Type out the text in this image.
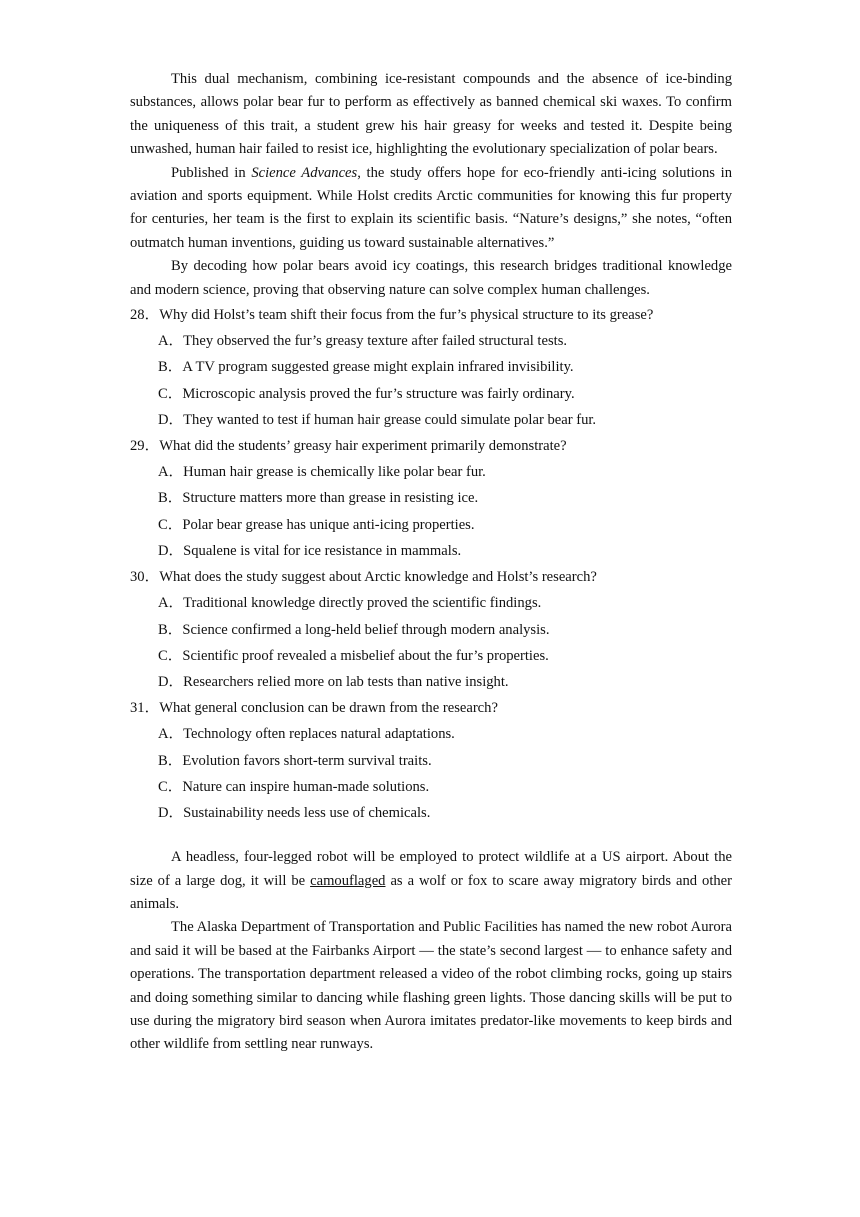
This dual mechanism, combining ice-resistant compounds and the absence of ice-binding substances, allows polar bear fur to perform as effectively as banned chemical ski waxes. To confirm the uniqueness of this trait, a student grew his hair greasy for weeks and tested it. Despite being unwashed, human hair failed to resist ice, highlighting the evolutionary specialization of polar bears.

Published in Science Advances, the study offers hope for eco-friendly anti-icing solutions in aviation and sports equipment. While Holst credits Arctic communities for knowing this fur property for centuries, her team is the first to explain its scientific basis. “Nature’s designs,” she notes, “often outmatch human inventions, guiding us toward sustainable alternatives.”

By decoding how polar bears avoid icy coatings, this research bridges traditional knowledge and modern science, proving that observing nature can solve complex human challenges.

28．Why did Holst’s team shift their focus from the fur’s physical structure to its grease?

A．They observed the fur’s greasy texture after failed structural tests.

B．A TV program suggested grease might explain infrared invisibility.

C．Microscopic analysis proved the fur’s structure was fairly ordinary.

D．They wanted to test if human hair grease could simulate polar bear fur.

29．What did the students’ greasy hair experiment primarily demonstrate?

A．Human hair grease is chemically like polar bear fur.

B．Structure matters more than grease in resisting ice.

C．Polar bear grease has unique anti-icing properties.

D．Squalene is vital for ice resistance in mammals.

30．What does the study suggest about Arctic knowledge and Holst’s research?

A．Traditional knowledge directly proved the scientific findings.

B．Science confirmed a long-held belief through modern analysis.

C．Scientific proof revealed a misbelief about the fur’s properties.

D．Researchers relied more on lab tests than native insight.

31．What general conclusion can be drawn from the research?

A．Technology often replaces natural adaptations.

B．Evolution favors short-term survival traits.

C．Nature can inspire human-made solutions.

D．Sustainability needs less use of chemicals.

A headless, four-legged robot will be employed to protect wildlife at a US airport. About the size of a large dog, it will be camouflaged as a wolf or fox to scare away migratory birds and other animals.

The Alaska Department of Transportation and Public Facilities has named the new robot Aurora and said it will be based at the Fairbanks Airport — the state’s second largest — to enhance safety and operations. The transportation department released a video of the robot climbing rocks, going up stairs and doing something similar to dancing while flashing green lights. Those dancing skills will be put to use during the migratory bird season when Aurora imitates predator-like movements to keep birds and other wildlife from settling near runways.
